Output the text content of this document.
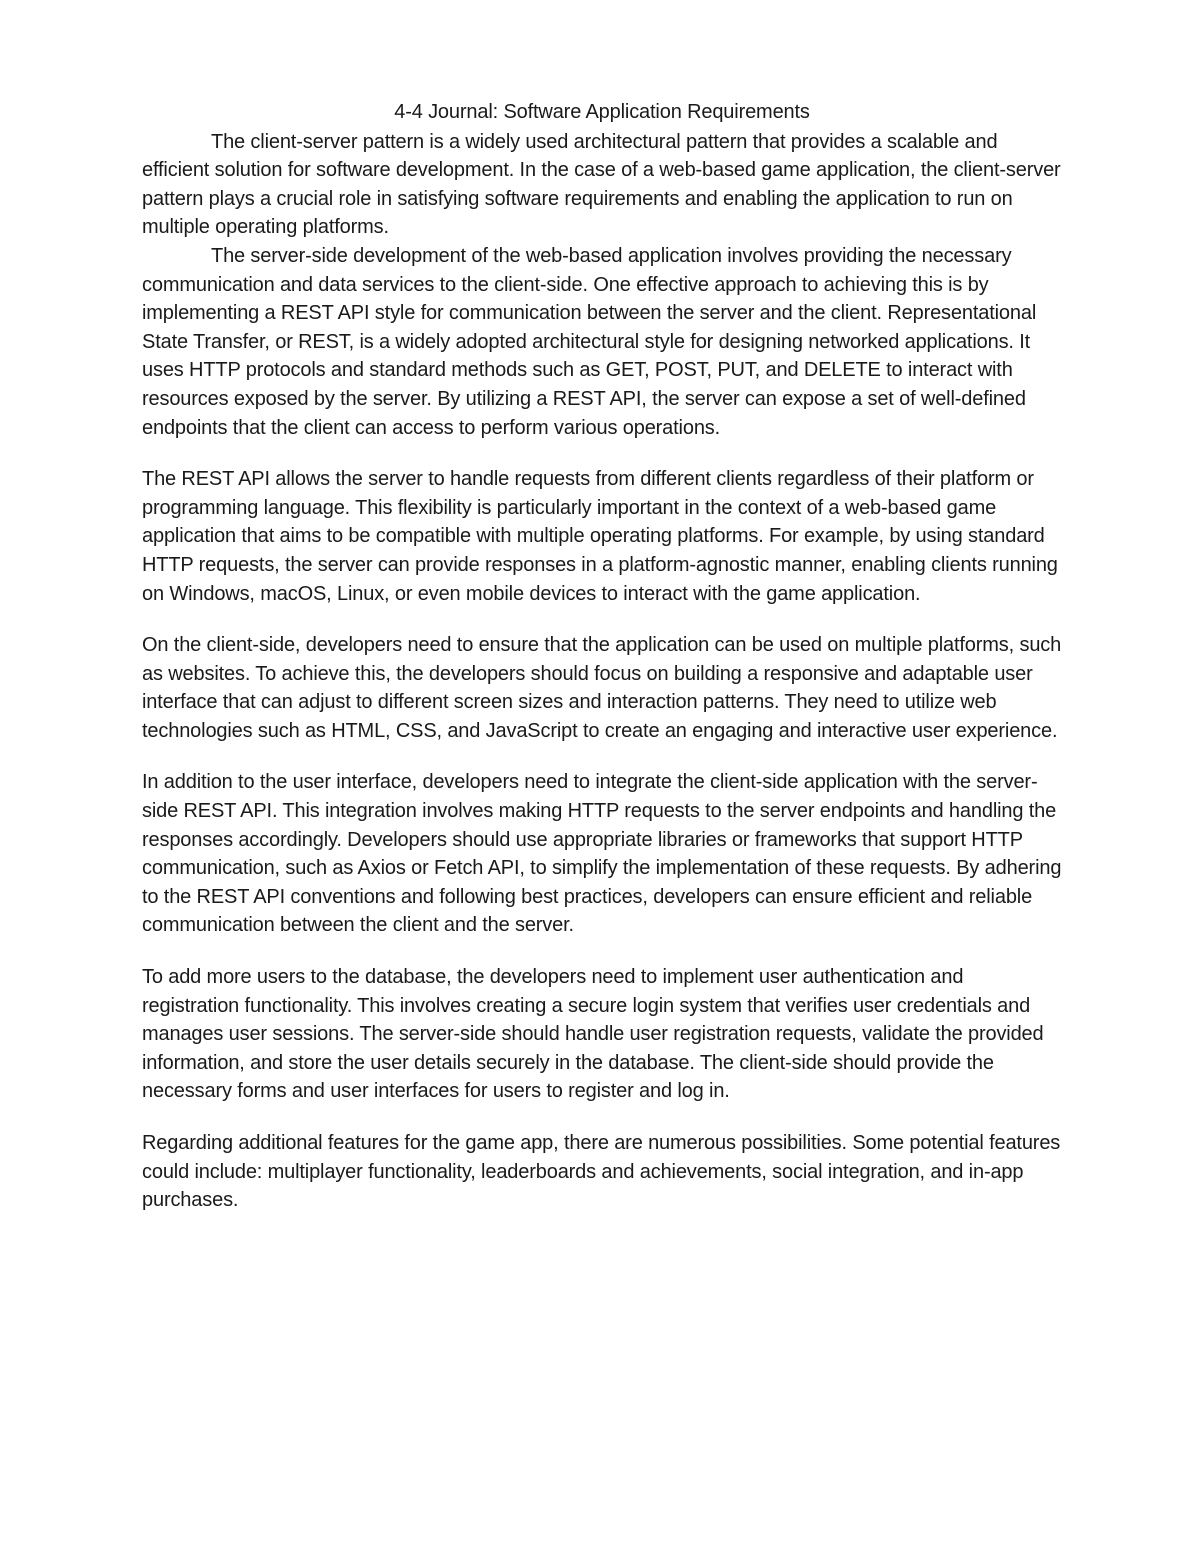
4-4 Journal: Software Application Requirements

The client-server pattern is a widely used architectural pattern that provides a scalable and efficient solution for software development. In the case of a web-based game application, the client-server pattern plays a crucial role in satisfying software requirements and enabling the application to run on multiple operating platforms.

The server-side development of the web-based application involves providing the necessary communication and data services to the client-side. One effective approach to achieving this is by implementing a REST API style for communication between the server and the client. Representational State Transfer, or REST, is a widely adopted architectural style for designing networked applications. It uses HTTP protocols and standard methods such as GET, POST, PUT, and DELETE to interact with resources exposed by the server. By utilizing a REST API, the server can expose a set of well-defined endpoints that the client can access to perform various operations.

The REST API allows the server to handle requests from different clients regardless of their platform or programming language. This flexibility is particularly important in the context of a web-based game application that aims to be compatible with multiple operating platforms. For example, by using standard HTTP requests, the server can provide responses in a platform-agnostic manner, enabling clients running on Windows, macOS, Linux, or even mobile devices to interact with the game application.

On the client-side, developers need to ensure that the application can be used on multiple platforms, such as websites. To achieve this, the developers should focus on building a responsive and adaptable user interface that can adjust to different screen sizes and interaction patterns. They need to utilize web technologies such as HTML, CSS, and JavaScript to create an engaging and interactive user experience.

In addition to the user interface, developers need to integrate the client-side application with the server-side REST API. This integration involves making HTTP requests to the server endpoints and handling the responses accordingly. Developers should use appropriate libraries or frameworks that support HTTP communication, such as Axios or Fetch API, to simplify the implementation of these requests. By adhering to the REST API conventions and following best practices, developers can ensure efficient and reliable communication between the client and the server.

To add more users to the database, the developers need to implement user authentication and registration functionality. This involves creating a secure login system that verifies user credentials and manages user sessions. The server-side should handle user registration requests, validate the provided information, and store the user details securely in the database. The client-side should provide the necessary forms and user interfaces for users to register and log in.

Regarding additional features for the game app, there are numerous possibilities. Some potential features could include: multiplayer functionality, leaderboards and achievements, social integration, and in-app purchases.
